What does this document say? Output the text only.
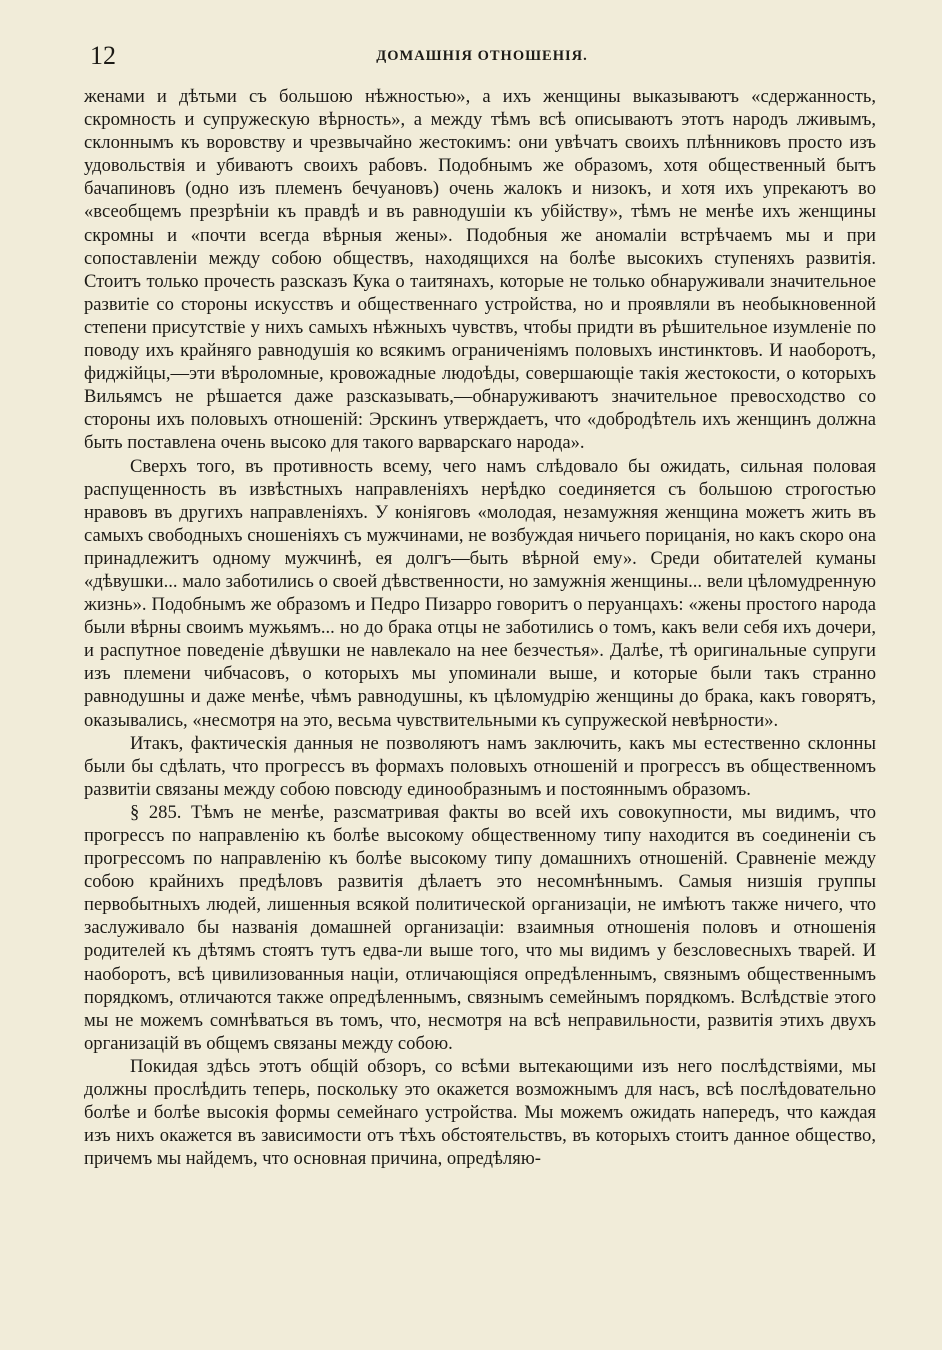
12	ДОМАШНІЯ ОТНОШЕНІЯ.

женами и дѣтьми съ большою нѣжностью», а ихъ женщины выказываютъ «сдержанность, скромность и супружескую вѣрность», а между тѣмъ всѣ описываютъ этотъ народъ лживымъ, склоннымъ къ воровству и чрезвычайно жестокимъ: они увѣчатъ своихъ плѣнниковъ просто изъ удовольствія и убиваютъ своихъ рабовъ. Подобнымъ же образомъ, хотя общественный бытъ бачапиновъ (одно изъ племенъ бечуановъ) очень жалокъ и низокъ, и хотя ихъ упрекаютъ во «всеобщемъ презрѣніи къ правдѣ и въ равнодушіи къ убійству», тѣмъ не менѣе ихъ женщины скромны и «почти всегда вѣрныя жены». Подобныя же аномаліи встрѣчаемъ мы и при сопоставленіи между собою обществъ, находящихся на болѣе высокихъ ступеняхъ развитія. Стоитъ только прочесть разсказъ Кука о таитянахъ, которые не только обнаруживали значительное развитіе со стороны искусствъ и общественнаго устройства, но и проявляли въ необыкновенной степени присутствіе у нихъ самыхъ нѣжныхъ чувствъ, чтобы придти въ рѣшительное изумленіе по поводу ихъ крайняго равнодушія ко всякимъ ограниченіямъ половыхъ инстинктовъ. И наоборотъ, фиджійцы,—эти вѣроломные, кровожадные людоѣды, совершающіе такія жестокости, о которыхъ Вильямсъ не рѣшается даже разсказывать,—обнаруживаютъ значительное превосходство со стороны ихъ половыхъ отношеній: Эрскинъ утверждаетъ, что «добродѣтель ихъ женщинъ должна быть поставлена очень высоко для такого варварскаго народа».

Сверхъ того, въ противность всему, чего намъ слѣдовало бы ожидать, сильная половая распущенность въ извѣстныхъ направленіяхъ нерѣдко соединяется съ большою строгостью нравовъ въ другихъ направленіяхъ. У коніяговъ «молодая, незамужняя женщина можетъ жить въ самыхъ свободныхъ сношеніяхъ съ мужчинами, не возбуждая ничьего порицанія, но какъ скоро она принадлежитъ одному мужчинѣ, ея долгъ—быть вѣрной ему». Среди обитателей куманы «дѣвушки... мало заботились о своей дѣвственности, но замужнія женщины... вели цѣломудренную жизнь». Подобнымъ же образомъ и Педро Пизарро говоритъ о перуанцахъ: «жены простого народа были вѣрны своимъ мужьямъ... но до брака отцы не заботились о томъ, какъ вели себя ихъ дочери, и распутное поведеніе дѣвушки не навлекало на нее безчестья». Далѣе, тѣ оригинальные супруги изъ племени чибчасовъ, о которыхъ мы упоминали выше, и которые были такъ странно равнодушны и даже менѣе, чѣмъ равнодушны, къ цѣломудрію женщины до брака, какъ говорятъ, оказывались, «несмотря на это, весьма чувствительными къ супружеской невѣрности».

Итакъ, фактическія данныя не позволяютъ намъ заключить, какъ мы естественно склонны были бы сдѣлать, что прогрессъ въ формахъ половыхъ отношеній и прогрессъ въ общественномъ развитіи связаны между собою повсюду единообразнымъ и постояннымъ образомъ.

§ 285. Тѣмъ не менѣе, разсматривая факты во всей ихъ совокупности, мы видимъ, что прогрессъ по направленію къ болѣе высокому общественному типу находится въ соединеніи съ прогрессомъ по направленію къ болѣе высокому типу домашнихъ отношеній. Сравненіе между собою крайнихъ предѣловъ развитія дѣлаетъ это несомнѣннымъ. Самыя низшія группы первобытныхъ людей, лишенныя всякой политической организаціи, не имѣютъ также ничего, что заслуживало бы названія домашней организаціи: взаимныя отношенія половъ и отношенія родителей къ дѣтямъ стоятъ тутъ едва-ли выше того, что мы видимъ у безсловесныхъ тварей. И наоборотъ, всѣ цивилизованныя націи, отличающіяся опредѣленнымъ, связнымъ общественнымъ порядкомъ, отличаются также опредѣленнымъ, связнымъ семейнымъ порядкомъ. Вслѣдствіе этого мы не можемъ сомнѣваться въ томъ, что, несмотря на всѣ неправильности, развитія этихъ двухъ организацій въ общемъ связаны между собою.

Покидая здѣсь этотъ общій обзоръ, со всѣми вытекающими изъ него послѣдствіями, мы должны прослѣдить теперь, поскольку это окажется возможнымъ для насъ, всѣ послѣдовательно болѣе и болѣе высокія формы семейнаго устройства. Мы можемъ ожидать напередъ, что каждая изъ нихъ окажется въ зависимости отъ тѣхъ обстоятельствъ, въ которыхъ стоитъ данное общество, причемъ мы найдемъ, что основная причина, опредѣляю-
